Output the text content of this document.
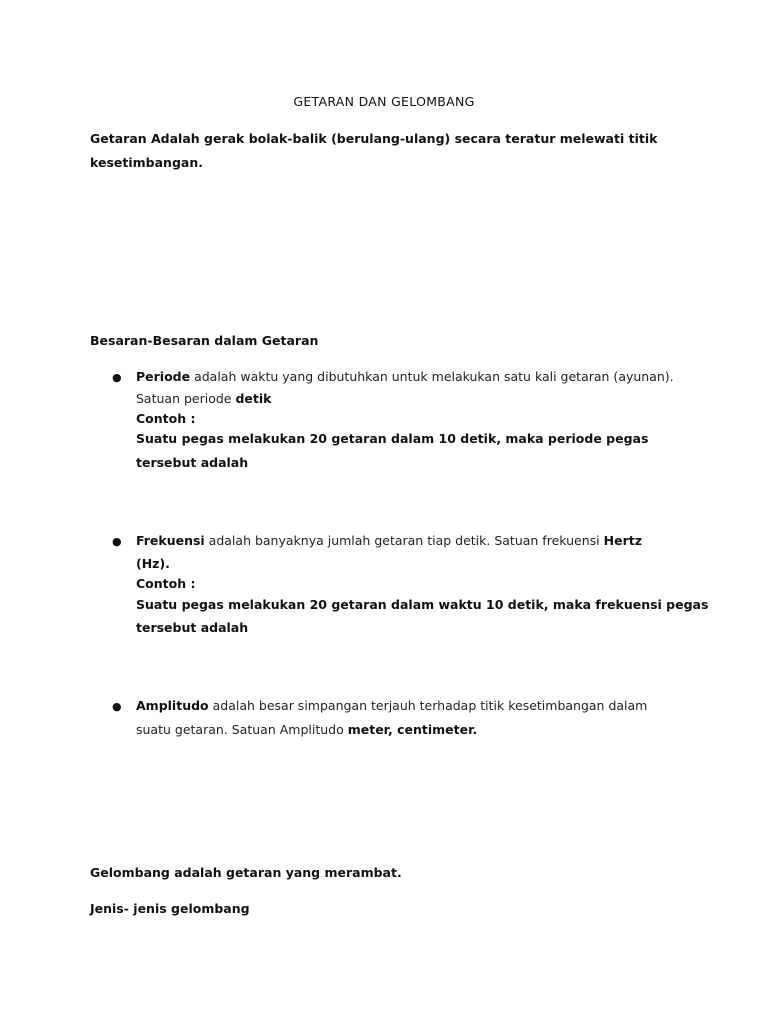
GETARAN DAN GELOMBANG
Getaran Adalah gerak bolak-balik (berulang-ulang) secara teratur melewati titik
kesetimbangan.
Besaran-Besaran dalam Getaran
● Periode adalah waktu yang dibutuhkan untuk melakukan satu kali getaran (ayunan).
Satuan periode detik
Contoh :
Suatu pegas melakukan 20 getaran dalam 10 detik, maka periode pegas
tersebut adalah
● Frekuensi adalah banyaknya jumlah getaran tiap detik. Satuan frekuensi Hertz
(Hz).
Contoh :
Suatu pegas melakukan 20 getaran dalam waktu 10 detik, maka frekuensi pegas
tersebut adalah
● Amplitudo adalah besar simpangan terjauh terhadap titik kesetimbangan dalam
suatu getaran. Satuan Amplitudo meter, centimeter.
Gelombang adalah getaran yang merambat.
Jenis- jenis gelombang
